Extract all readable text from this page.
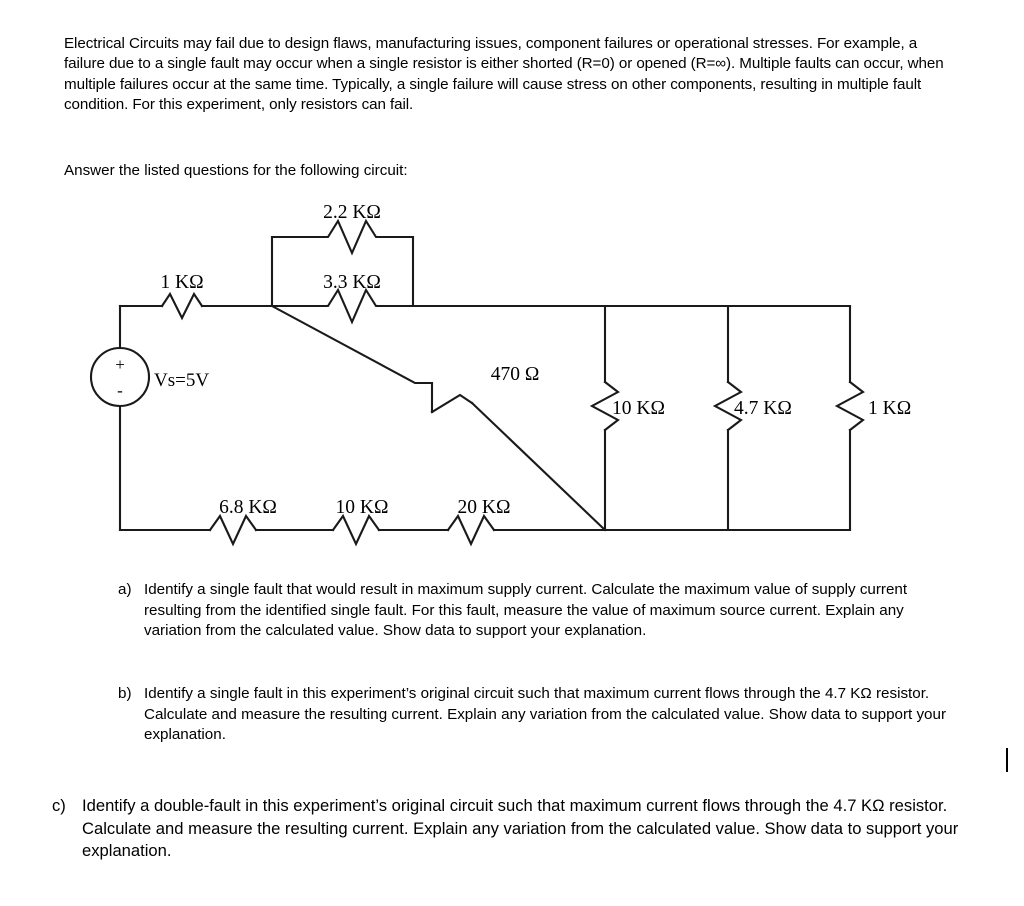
Electrical Circuits may fail due to design flaws, manufacturing issues, component failures or operational stresses. For example, a failure due to a single fault may occur when a single resistor is either shorted (R=0) or opened (R=∞). Multiple faults can occur, when multiple failures occur at the same time. Typically, a single failure will cause stress on other components, resulting in multiple fault condition. For this experiment, only resistors can fail.

Answer the listed questions for the following circuit:

+
- Vs=5V
2.2 KΩ
1 KΩ	3.3 KΩ
470 Ω
6.8 KΩ	10 KΩ	20 KΩ
10 KΩ	4.7 KΩ	1 KΩ
a) Identify a single fault that would result in maximum supply current. Calculate the maximum value of supply current resulting from the identified single fault. For this fault, measure the value of maximum source current. Explain any variation from the calculated value. Show data to support your explanation.
b) Identify a single fault in this experiment’s original circuit such that maximum current flows through the 4.7 KΩ resistor. Calculate and measure the resulting current. Explain any variation from the calculated value. Show data to support your explanation.
c) Identify a double-fault in this experiment’s original circuit such that maximum current flows through the 4.7 KΩ resistor. Calculate and measure the resulting current. Explain any variation from the calculated value. Show data to support your explanation.
